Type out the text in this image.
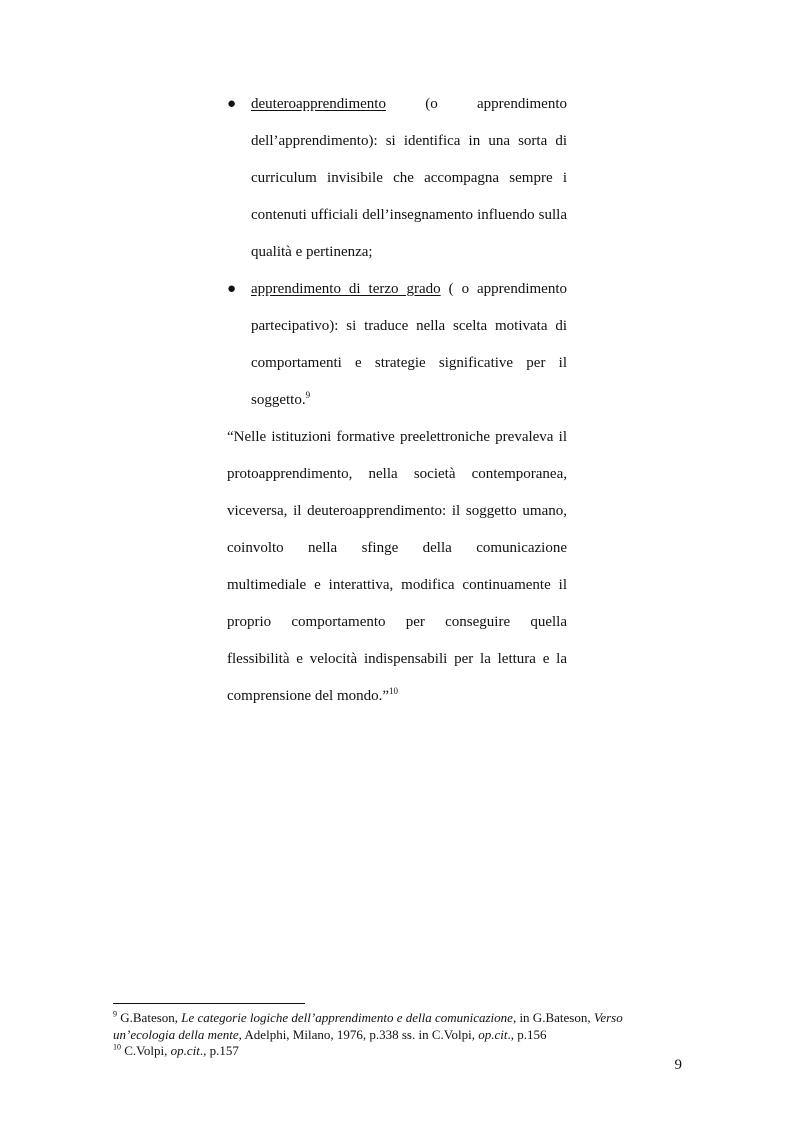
● deuteroapprendimento (o apprendimento dell’apprendimento): si identifica in una sorta di curriculum invisibile che accompagna sempre i contenuti ufficiali dell’insegnamento influendo sulla qualità e pertinenza;
● apprendimento di terzo grado ( o apprendimento partecipativo): si traduce nella scelta motivata di comportamenti e strategie significative per il soggetto.$^9$
“Nelle istituzioni formative preelettroniche prevaleva il protoapprendimento, nella società contemporanea, viceversa, il deuteroapprendimento: il soggetto umano, coinvolto nella sfinge della comunicazione multimediale e interattiva, modifica continuamente il proprio comportamento per conseguire quella flessibilità e velocità indispensabili per la lettura e la comprensione del mondo.”$^{10}$

$^9$ G.Bateson, Le categorie logiche dell’apprendimento e della comunicazione, in G.Bateson, Verso un’ecologia della mente, Adelphi, Milano, 1976, p.338 ss. in C.Volpi, op.cit., p.156

$^{10}$ C.Volpi, op.cit., p.157

9
